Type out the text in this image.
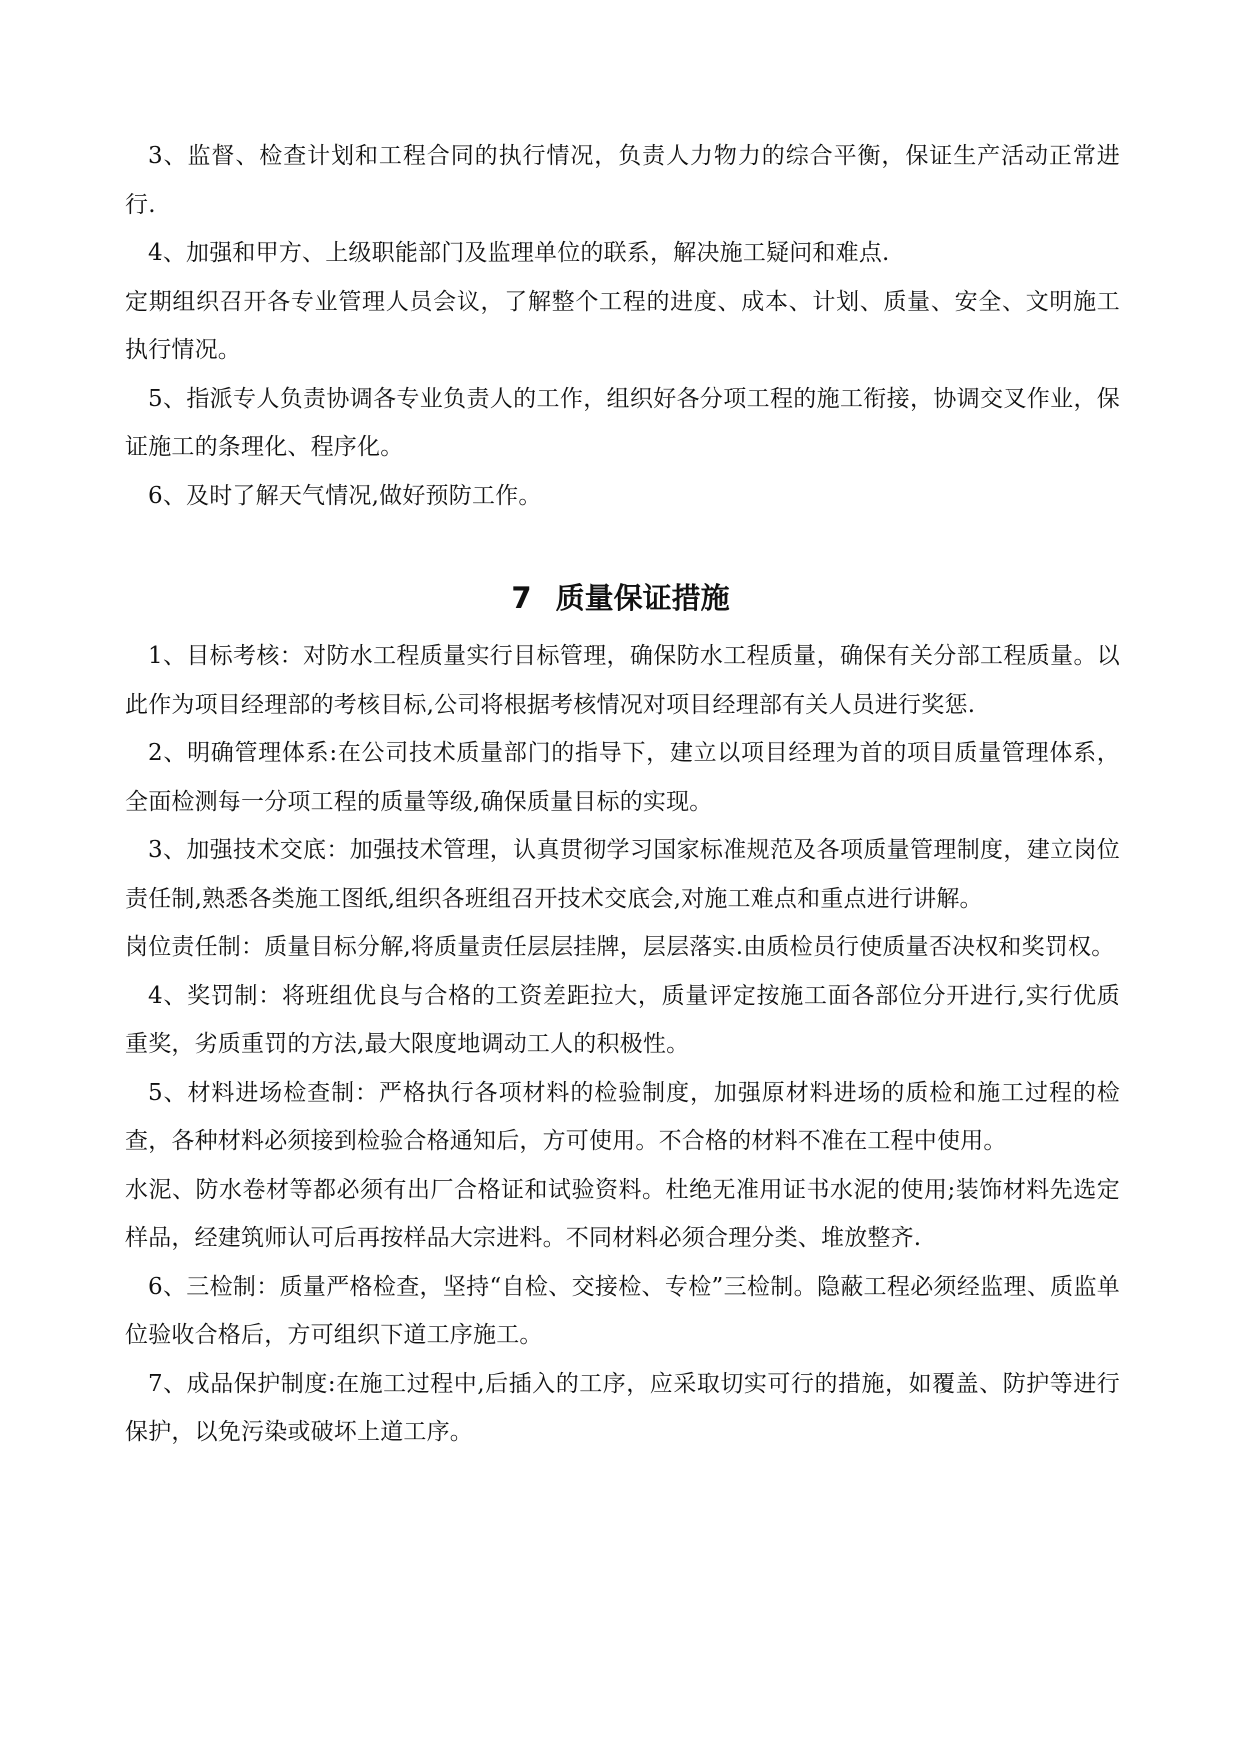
3、监督、检查计划和工程合同的执行情况，负责人力物力的综合平衡，保证生产活动正常进行.

4、加强和甲方、上级职能部门及监理单位的联系，解决施工疑问和难点.

定期组织召开各专业管理人员会议，了解整个工程的进度、成本、计划、质量、安全、文明施工执行情况。

5、指派专人负责协调各专业负责人的工作，组织好各分项工程的施工衔接，协调交叉作业，保证施工的条理化、程序化。

6、及时了解天气情况,做好预防工作。

7 质量保证措施

1、目标考核：对防水工程质量实行目标管理，确保防水工程质量，确保有关分部工程质量。以此作为项目经理部的考核目标,公司将根据考核情况对项目经理部有关人员进行奖惩.

2、明确管理体系:在公司技术质量部门的指导下，建立以项目经理为首的项目质量管理体系，全面检测每一分项工程的质量等级,确保质量目标的实现。

3、加强技术交底：加强技术管理，认真贯彻学习国家标准规范及各项质量管理制度，建立岗位责任制,熟悉各类施工图纸,组织各班组召开技术交底会,对施工难点和重点进行讲解。

岗位责任制：质量目标分解,将质量责任层层挂牌，层层落实.由质检员行使质量否决权和奖罚权。

4、奖罚制：将班组优良与合格的工资差距拉大，质量评定按施工面各部位分开进行,实行优质重奖，劣质重罚的方法,最大限度地调动工人的积极性。

5、材料进场检查制：严格执行各项材料的检验制度，加强原材料进场的质检和施工过程的检查，各种材料必须接到检验合格通知后，方可使用。不合格的材料不准在工程中使用。

水泥、防水卷材等都必须有出厂合格证和试验资料。杜绝无准用证书水泥的使用;装饰材料先选定样品，经建筑师认可后再按样品大宗进料。不同材料必须合理分类、堆放整齐.

6、三检制：质量严格检查，坚持“自检、交接检、专检”三检制。隐蔽工程必须经监理、质监单位验收合格后，方可组织下道工序施工。

7、成品保护制度:在施工过程中,后插入的工序，应采取切实可行的措施，如覆盖、防护等进行保护，以免污染或破坏上道工序。
